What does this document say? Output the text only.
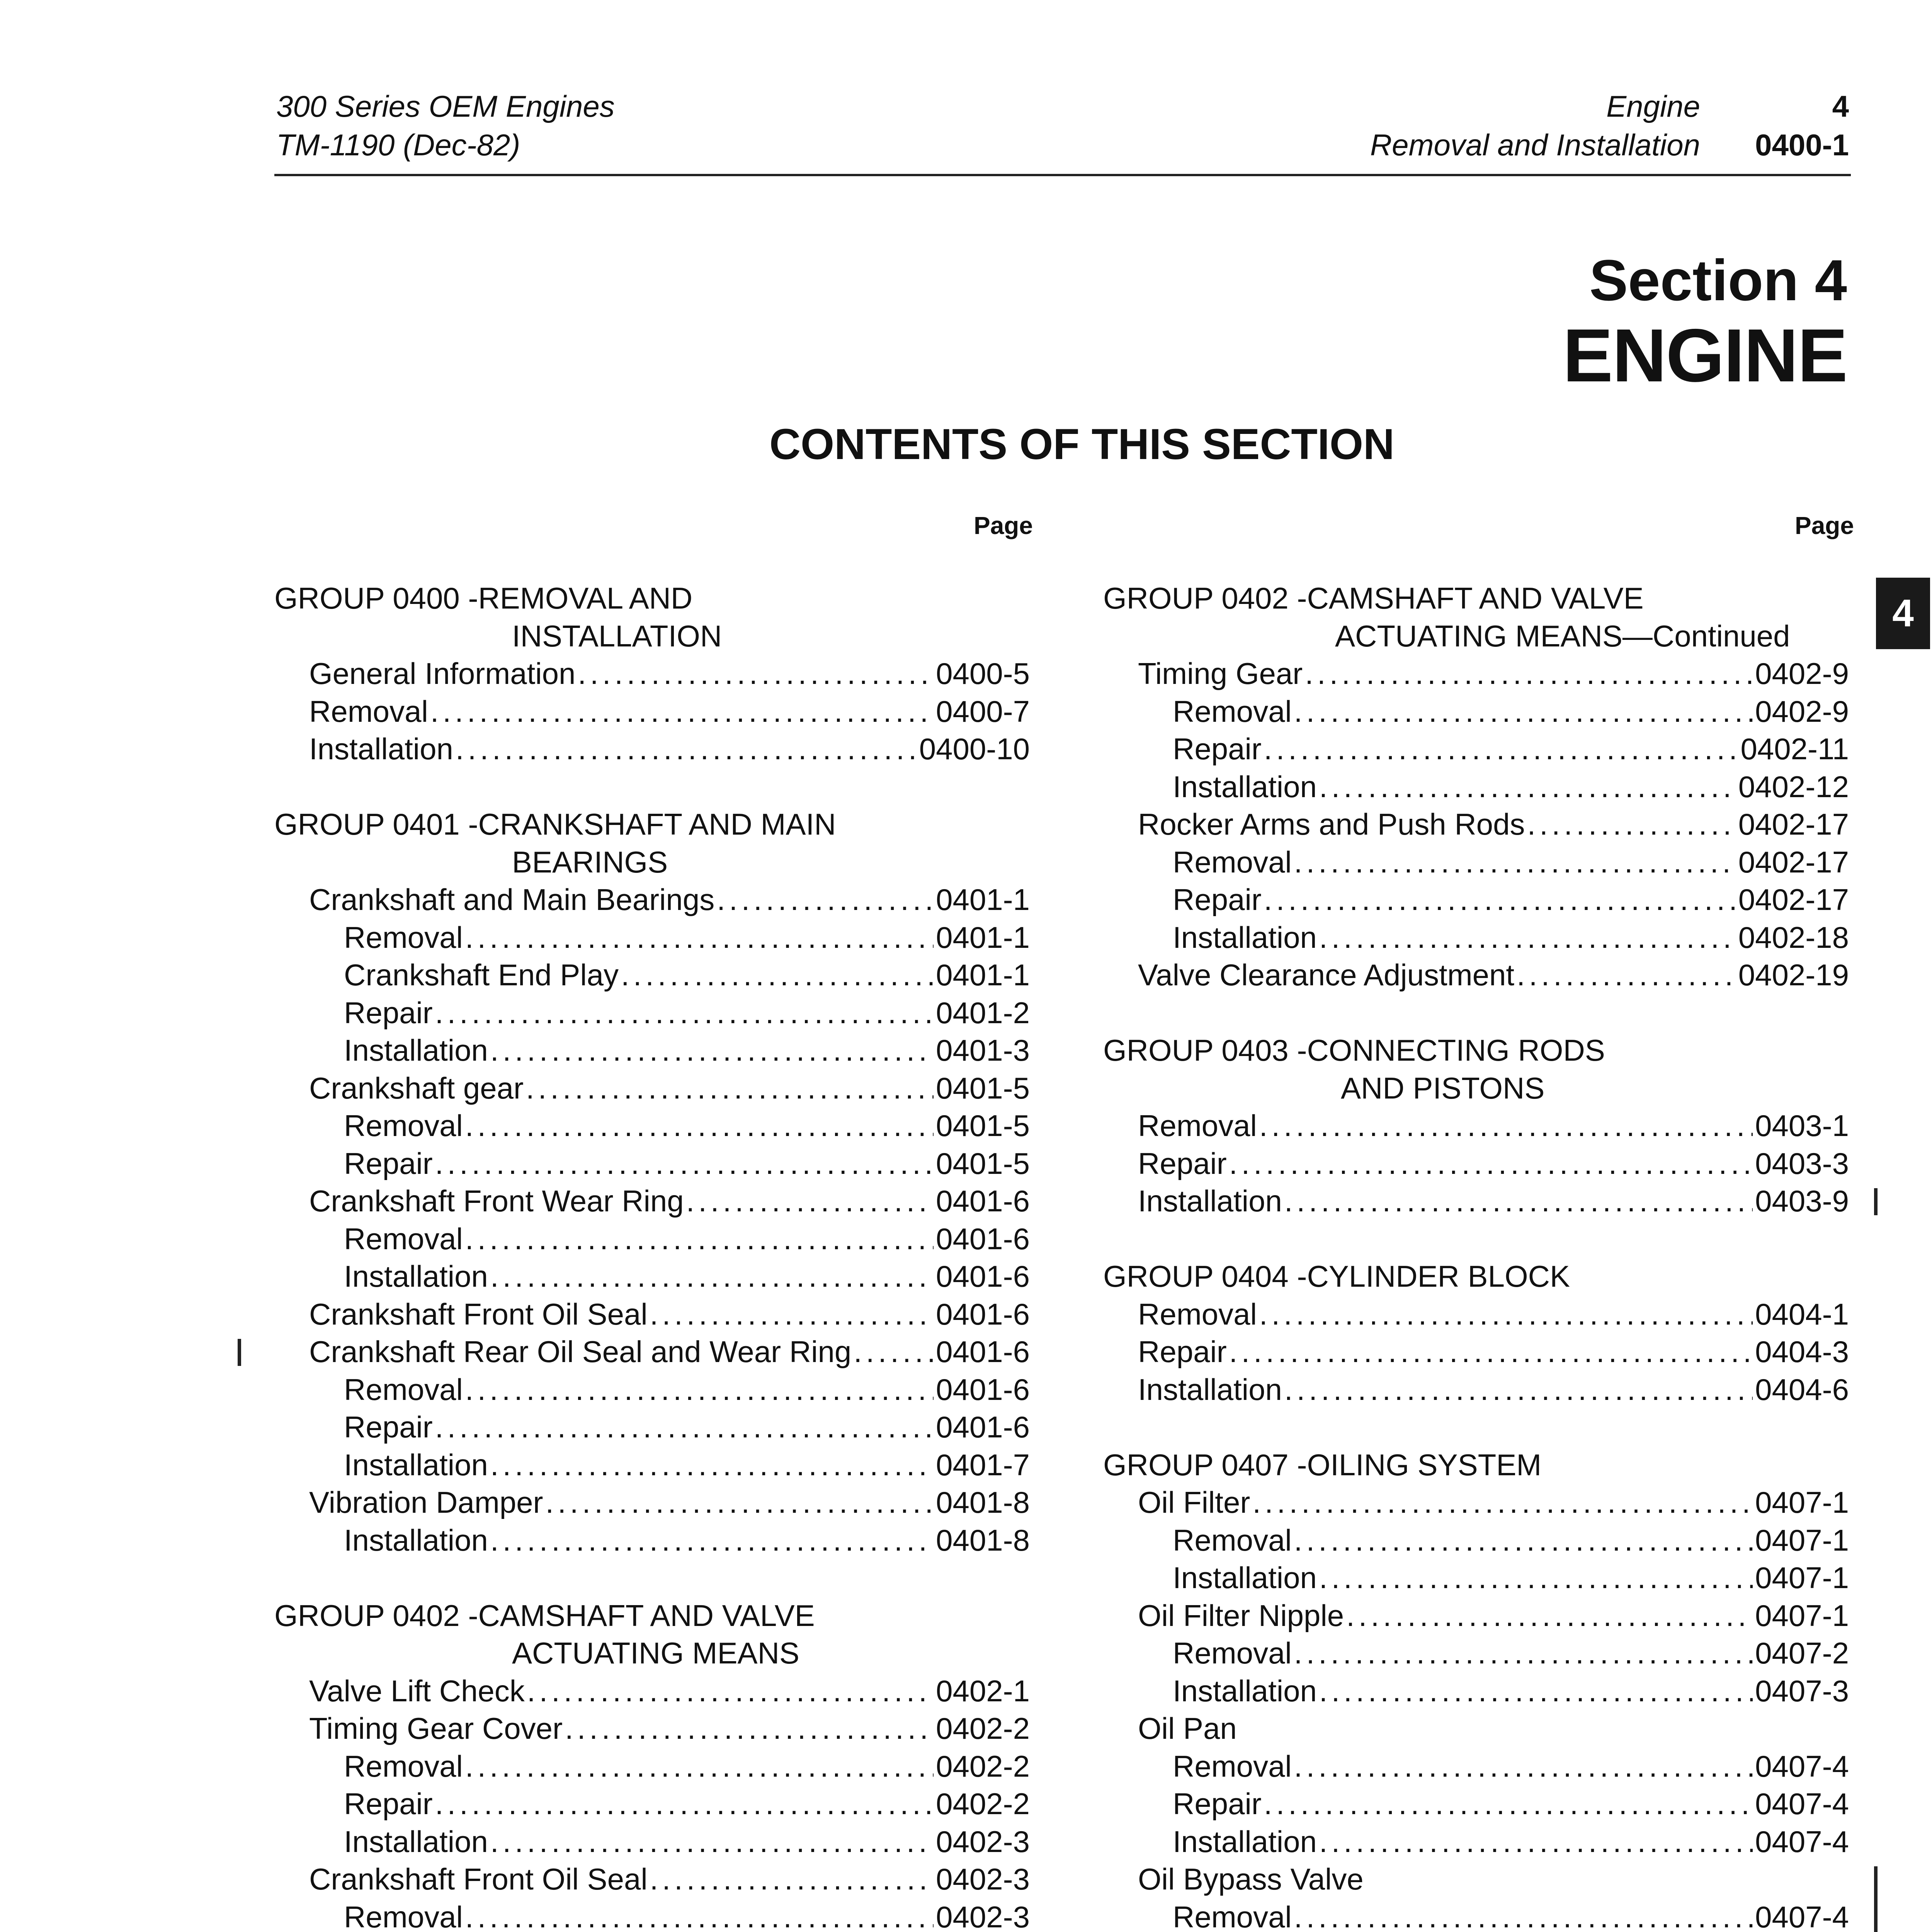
300 Series OEM Engines
TM-1190 (Dec-82)
Engine
Removal and Installation
4
0400-1
Section 4
ENGINE
CONTENTS OF THIS SECTION
Page	Page
4
GROUP 0400 - REMOVAL AND
INSTALLATION
General Information .....	0400-5
Removal .....	0400-7
Installation .....	0400-10
GROUP 0401 - CRANKSHAFT AND MAIN
BEARINGS
Crankshaft and Main Bearings .....	0401-1
Removal .....	0401-1
Crankshaft End Play .....	0401-1
Repair .....	0401-2
Installation .....	0401-3
Crankshaft gear .....	0401-5
Removal .....	0401-5
Repair .....	0401-5
Crankshaft Front Wear Ring .....	0401-6
Removal .....	0401-6
Installation .....	0401-6
Crankshaft Front Oil Seal .....	0401-6
Crankshaft Rear Oil Seal and Wear Ring .....	0401-6
Removal .....	0401-6
Repair .....	0401-6
Installation .....	0401-7
Vibration Damper .....	0401-8
Installation .....	0401-8
GROUP 0402 - CAMSHAFT AND VALVE
ACTUATING MEANS
Valve Lift Check .....	0402-1
Timing Gear Cover .....	0402-2
Removal .....	0402-2
Repair .....	0402-2
Installation .....	0402-3
Crankshaft Front Oil Seal .....	0402-3
Removal .....	0402-3
GROUP 0402 - CAMSHAFT AND VALVE
ACTUATING MEANS—Continued
Timing Gear .....	0402-9
Removal .....	0402-9
Repair .....	0402-11
Installation .....	0402-12
Rocker Arms and Push Rods .....	0402-17
Removal .....	0402-17
Repair .....	0402-17
Installation .....	0402-18
Valve Clearance Adjustment .....	0402-19
GROUP 0403 - CONNECTING RODS
AND PISTONS
Removal .....	0403-1
Repair .....	0403-3
Installation .....	0403-9
GROUP 0404 - CYLINDER BLOCK
Removal .....	0404-1
Repair .....	0404-3
Installation .....	0404-6
GROUP 0407 - OILING SYSTEM
Oil Filter .....	0407-1
Removal .....	0407-1
Installation .....	0407-1
Oil Filter Nipple .....	0407-1
Removal .....	0407-2
Installation .....	0407-3
Oil Pan
Removal .....	0407-4
Repair .....	0407-4
Installation .....	0407-4
Oil Bypass Valve
Removal .....	0407-4
